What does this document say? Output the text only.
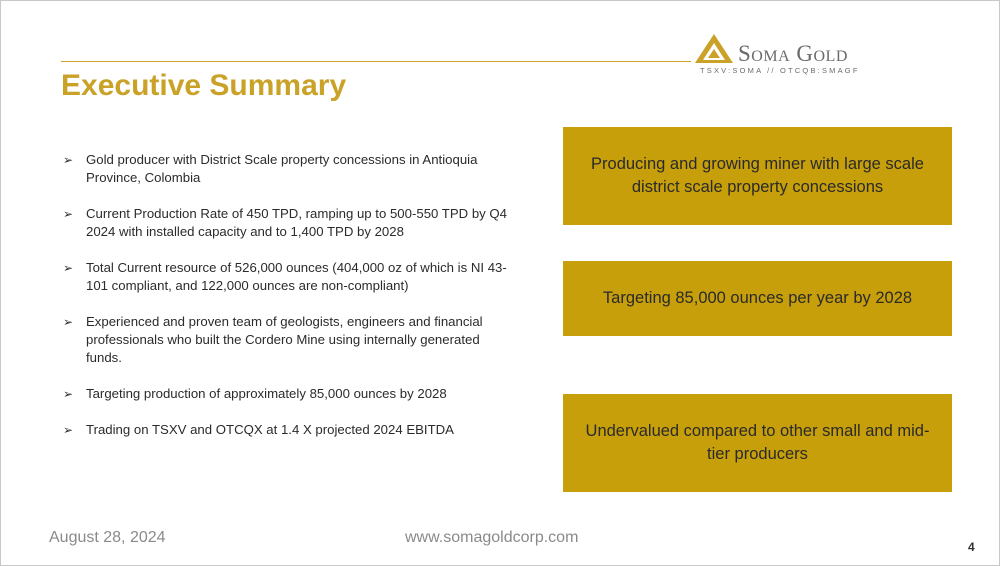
Soma Gold
TSXV:SOMA // OTCQB:SMAGF
Executive Summary
➢ Gold producer with District Scale property concessions in Antioquia Province, Colombia
➢ Current Production Rate of 450 TPD, ramping up to 500-550 TPD by Q4 2024 with installed capacity and to 1,400 TPD by 2028
➢ Total Current resource of 526,000 ounces (404,000 oz of which is NI 43-101 compliant, and 122,000 ounces are non-compliant)
➢ Experienced and proven team of geologists, engineers and financial professionals who built the Cordero Mine using internally generated funds.
➢ Targeting production of approximately 85,000 ounces by 2028
➢ Trading on TSXV and OTCQX at 1.4 X projected 2024 EBITDA
Producing and growing miner with large scale district scale property concessions
Targeting 85,000 ounces per year by 2028
Undervalued compared to other small and mid-tier producers
August 28, 2024	www.somagoldcorp.com
4
